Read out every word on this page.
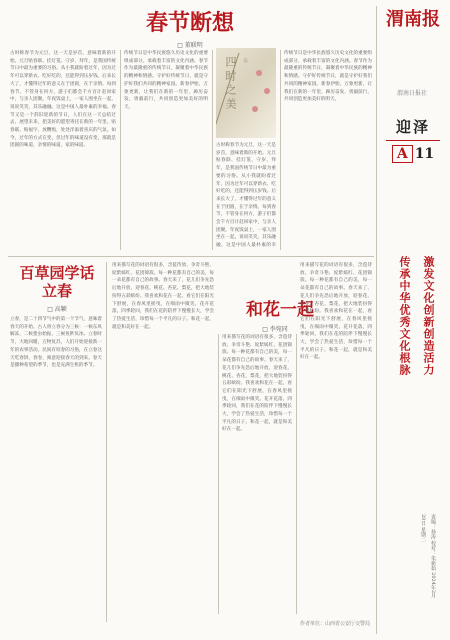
渭南报
渭南日报社
迎泽
A 11
传承中华优秀文化根脉	激发文化创新创造活力
责编：孙涛 校对：朱新茹 2024年2月20日 星期二
春节断想
□ 董联明
古时称春节为元旦，这一天是岁首，意味着新的开始。元旦贴春联、挂灯笼、守岁、拜年，是我国传统节日中最为重要的习俗。从小我就盼着过年，因为过年可以穿新衣、吃好吃的，还能得到压岁钱。后来长大了，才懂得过年的意义在于团圆，在于亲情。每到春节，不管身在何方，游子们都会千方百计赶回家中，与亲人团聚。年夜饭桌上，一家人围坐在一起，说说笑笑，其乐融融。这是中国人最朴素的幸福。春节又是一个辞旧迎新的节日，人们在这一天总结过去，展望未来，把美好的愿望寄托在新的一年里。贴春联、贴福字、放鞭炮，处处洋溢着喜庆的气氛。如今，过年的方式在变，但过年的味道没有变，那就是团圆的味道，亲情的味道，家的味道。
传统节日是中华民族悠久历史文化的重要组成部分，承载着丰富的文化内涵。春节作为最隆重的传统节日，凝聚着中华民族的精神和情感。守护好传统节日，就是守护好我们共同的精神家园。新春伊始，万象更新，让我们在新的一年里，踔厉奋发，勇毅前行，共同创造更加美好的明天。	四时之美 春
古时称春节为元旦，这一天是岁首，意味着新的开始。元旦贴春联、挂灯笼、守岁、拜年，是我国传统节日中最为重要的习俗。从小我就盼着过年，因为过年可以穿新衣、吃好吃的，还能得到压岁钱。后来长大了，才懂得过年的意义在于团圆，在于亲情。每到春节，不管身在何方，游子们都会千方百计赶回家中，与亲人团聚。年夜饭桌上，一家人围坐在一起，说说笑笑，其乐融融。这是中国人最朴素的幸
传统节日是中华民族悠久历史文化的重要组成部分，承载着丰富的文化内涵。春节作为最隆重的传统节日，凝聚着中华民族的精神和情感。守护好传统节日，就是守护好我们共同的精神家园。新春伊始，万象更新，让我们在新的一年里，踔厉奋发，勇毅前行，共同创造更加美好的明天。
百草园学话立春
□ 高颖
立春，是二十四节气中的第一个节气，意味着春天的开始。古人将立春分为三候：一候东风解冻，二候蛰虫始振，三候鱼陟负冰。立春时节，大地回暖，万物复苏，人们开始迎接新一年的农事活动。民间有咬春的习俗，在立春这天吃春饼、春卷，寓意迎接春天的到来。春天是播种希望的季节，也是充满生机的季节。
和花一起
□ 李宛同
用来描写花的词语有很多，含苞待放、争奇斗艳、姹紫嫣红、花团锦簇。每一种花都有自己的美，每一朵花都有自己的故事。春天来了，花儿们争先恐后地开放，迎春花、桃花、杏花、梨花，把大地装扮得五彩缤纷。我喜欢和花在一起，看它们在阳光下舒展，在春风里摇曳，在细雨中微笑。花开花落，四季轮回，我们在花的陪伴下慢慢长大，学会了热爱生活，珍惜每一个平凡的日子。和花一起，就是和美好在一起。
用来描写花的词语有很多，含苞待放、争奇斗艳、姹紫嫣红、花团锦簇。每一种花都有自己的美，每一朵花都有自己的故事。春天来了，花儿们争先恐后地开放，迎春花、桃花、杏花、梨花，把大地装扮得五彩缤纷。我喜欢和花在一起，看它们在阳光下舒展，在春风里摇曳，在细雨中微笑。花开花落，四季轮回，我们在花的陪伴下慢慢长大，学会了热爱生活，珍惜每一个平凡的日子。和花一起，就是和美好在一起。
用来描写花的词语有很多，含苞待放、争奇斗艳、姹紫嫣红、花团锦簇。每一种花都有自己的美，每一朵花都有自己的故事。春天来了，花儿们争先恐后地开放，迎春花、桃花、杏花、梨花，把大地装扮得五彩缤纷。我喜欢和花在一起，看它们在阳光下舒展，在春风里摇曳，在细雨中微笑。花开花落，四季轮回，我们在花的陪伴下慢慢长大，学会了热爱生活，珍惜每一个平凡的日子。和花一起，就是和美好在一起。
作者单位：山西省公安厅交警局
